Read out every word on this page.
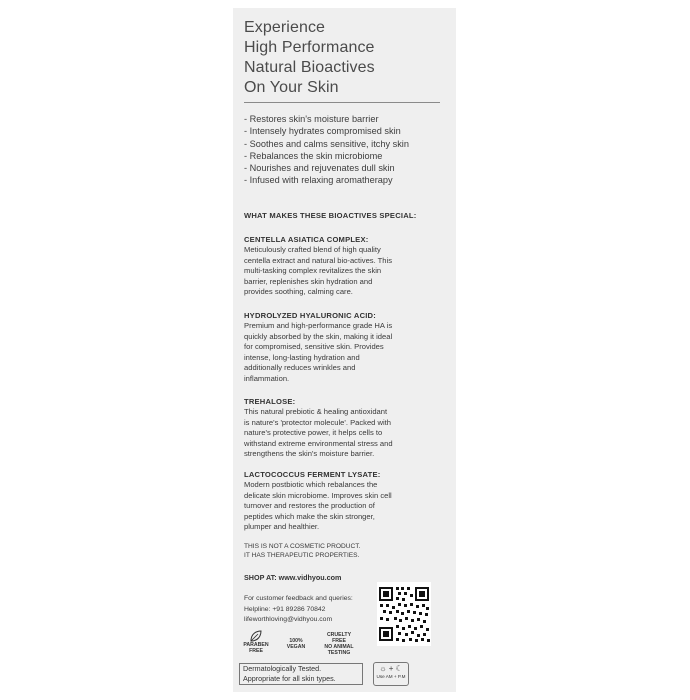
Experience
High Performance
Natural Bioactives
On Your Skin
- Restores skin's moisture barrier
- Intensely hydrates compromised skin
- Soothes and calms sensitive, itchy skin
- Rebalances the skin microbiome
- Nourishes and rejuvenates dull skin
- Infused with relaxing aromatherapy
WHAT MAKES THESE BIOACTIVES SPECIAL:
CENTELLA ASIATICA COMPLEX:
Meticulously crafted blend of high quality
centella extract and natural bio-actives. This
multi-tasking complex revitalizes the skin
barrier, replenishes skin hydration and
provides soothing, calming care.
HYDROLYZED HYALURONIC ACID:
Premium and high-performance grade HA is
quickly absorbed by the skin, making it ideal
for compromised, sensitive skin. Provides
intense, long-lasting hydration and
additionally reduces wrinkles and
inflammation.
TREHALOSE:
This natural prebiotic & healing antioxidant
is nature's 'protector molecule'. Packed with
nature's protective power, it helps cells to
withstand extreme environmental stress and
strengthens the skin's moisture barrier.
LACTOCOCCUS FERMENT LYSATE:
Modern postbiotic which rebalances the
delicate skin microbiome. Improves skin cell
turnover and restores the production of
peptides which make the skin stronger,
plumper and healthier.
THIS IS NOT A COSMETIC PRODUCT.
IT HAS THERAPEUTIC PROPERTIES.
SHOP AT: www.vidhyou.com
For customer feedback and queries:
Helpline: +91 89286 70842
lifeworthloving@vidhyou.com
PARABEN
FREE
100%
VEGAN
CRUELTY
FREE
NO ANIMAL
TESTING
Dermatologically Tested.
Appropriate for all skin types.
☼ + ☾
Use AM + P.M
